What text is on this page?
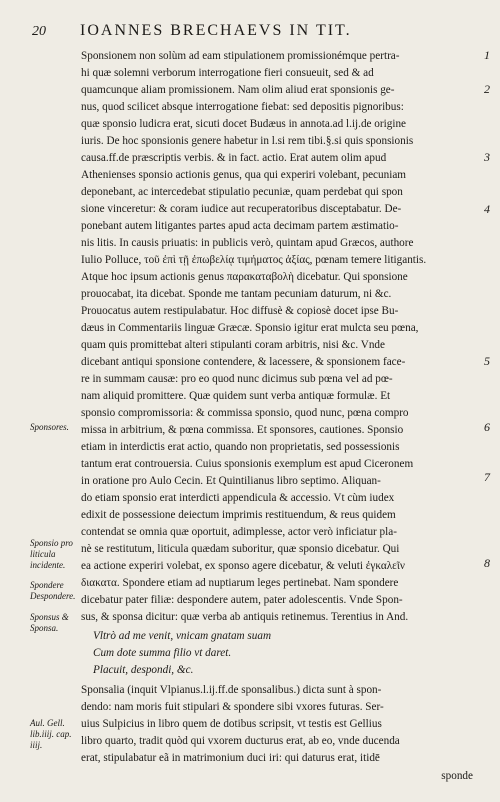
20 IOANNES BRECHAEVS IN TIT.
Sponsionem non solùm ad eam stipulationem promissionémque pertra-
hi quæ solemni verborum interrogatione fieri consueuit, sed & ad
quamcunque aliam promissionem. Nam olim aliud erat sponsionis ge-
nus, quod scilicet absque interrogatione fiebat: sed depositis pignoribus:
quæ sponsio ludicra erat, sicuti docet Budæus in annota.ad l.ij.de origine
iuris. De hoc sponsionis genere habetur in l.si rem tibi.§.si quis sponsionis
causa.ff.de præscriptis verbis. & in fact. actio. Erat autem olim apud
Athenienses sponsio actionis genus, qua qui experiri volebant, pecuniam
deponebant, ac intercedebat stipulatio pecuniæ, quam perdebat qui spon
sione vinceretur: & coram iudice aut recuperatoribus disceptabatur. De-
ponebant autem litigantes partes apud acta decimam partem æstimatio-
nis litis. In causis priuatis: in publicis verò, quintam apud Græcos, authore
Iulio Polluce, τοῦ ἐπὶ τῇ ἐπωβελίᾳ τιμήματος ἀξίας, pœnam temere litigantis.
Atque hoc ipsum actionis genus παρακαταβολὴ dicebatur. Qui sponsione
prouocabat, ita dicebat. Sponde me tantam pecuniam daturum, ni &c.
Prouocatus autem restipulabatur. Hoc diffusè & copiosè docet ipse Bu-
dæus in Commentariis linguæ Græcæ. Sponsio igitur erat mulcta seu pœna,
quam quis promittebat alteri stipulanti coram arbitris, nisi &c. Vnde
dicebant antiqui sponsione contendere, & lacessere, & sponsionem face-
re in summam causæ: pro eo quod nunc dicimus sub pœna vel ad pœ-
nam aliquid promittere. Quæ quidem sunt verba antiquæ formulæ. Et
sponsio compromissoria: & commissa sponsio, quod nunc, pœna compro
missa in arbitrium, & pœna commissa. Et sponsores, cautiones. Sponsio
etiam in interdictis erat actio, quando non proprietatis, sed possessionis
tantum erat controuersia. Cuius sponsionis exemplum est apud Ciceronem
in oratione pro Aulo Cecin. Et Quintilianus libro septimo. Aliquan-
do etiam sponsio erat interdicti appendicula & accessio. Vt cùm iudex
edixit de possessione deiectum imprimis restituendum, & reus quidem
contendat se omnia quæ oportuit, adimplesse, actor verò inficiatur pla-
nè se restitutum, liticula quædam suboritur, quæ sponsio dicebatur. Qui
ea actione experiri volebat, ex sponso agere dicebatur, & veluti ἐγκαλεῖν
διακατα. Spondere etiam ad nuptiarum leges pertinebat. Nam spondere
dicebatur pater filiæ: despondere autem, pater adolescentis. Vnde Spon-
sus, & sponsa dicitur: quæ verba ab antiquis retinemus. Terentius in And.
Vltrò ad me venit, vnicam gnatam suam
Cum dote summa filio vt daret.
Placuit, despondi, &c.
Sponsalia (inquit Vlpianus.l.ij.ff.de sponsalibus.) dicta sunt à spon-
dendo: nam moris fuit stipulari & spondere sibi vxores futuras. Ser-
uius Sulpicius in libro quem de dotibus scripsit, vt testis est Gellius
libro quarto, tradit quòd qui vxorem ducturus erat, ab eo, vnde ducenda
erat, stipulabatur eã in matrimonium duci iri: qui daturus erat, itidē
1
2
3
4
5
6
7
8
Sponsores.
Sponsio pro liticula incidente.
Spondere Despondere.
Sponsus & Sponsa.
Aul. Gell. lib.iiij. cap. iiij.
sponde
